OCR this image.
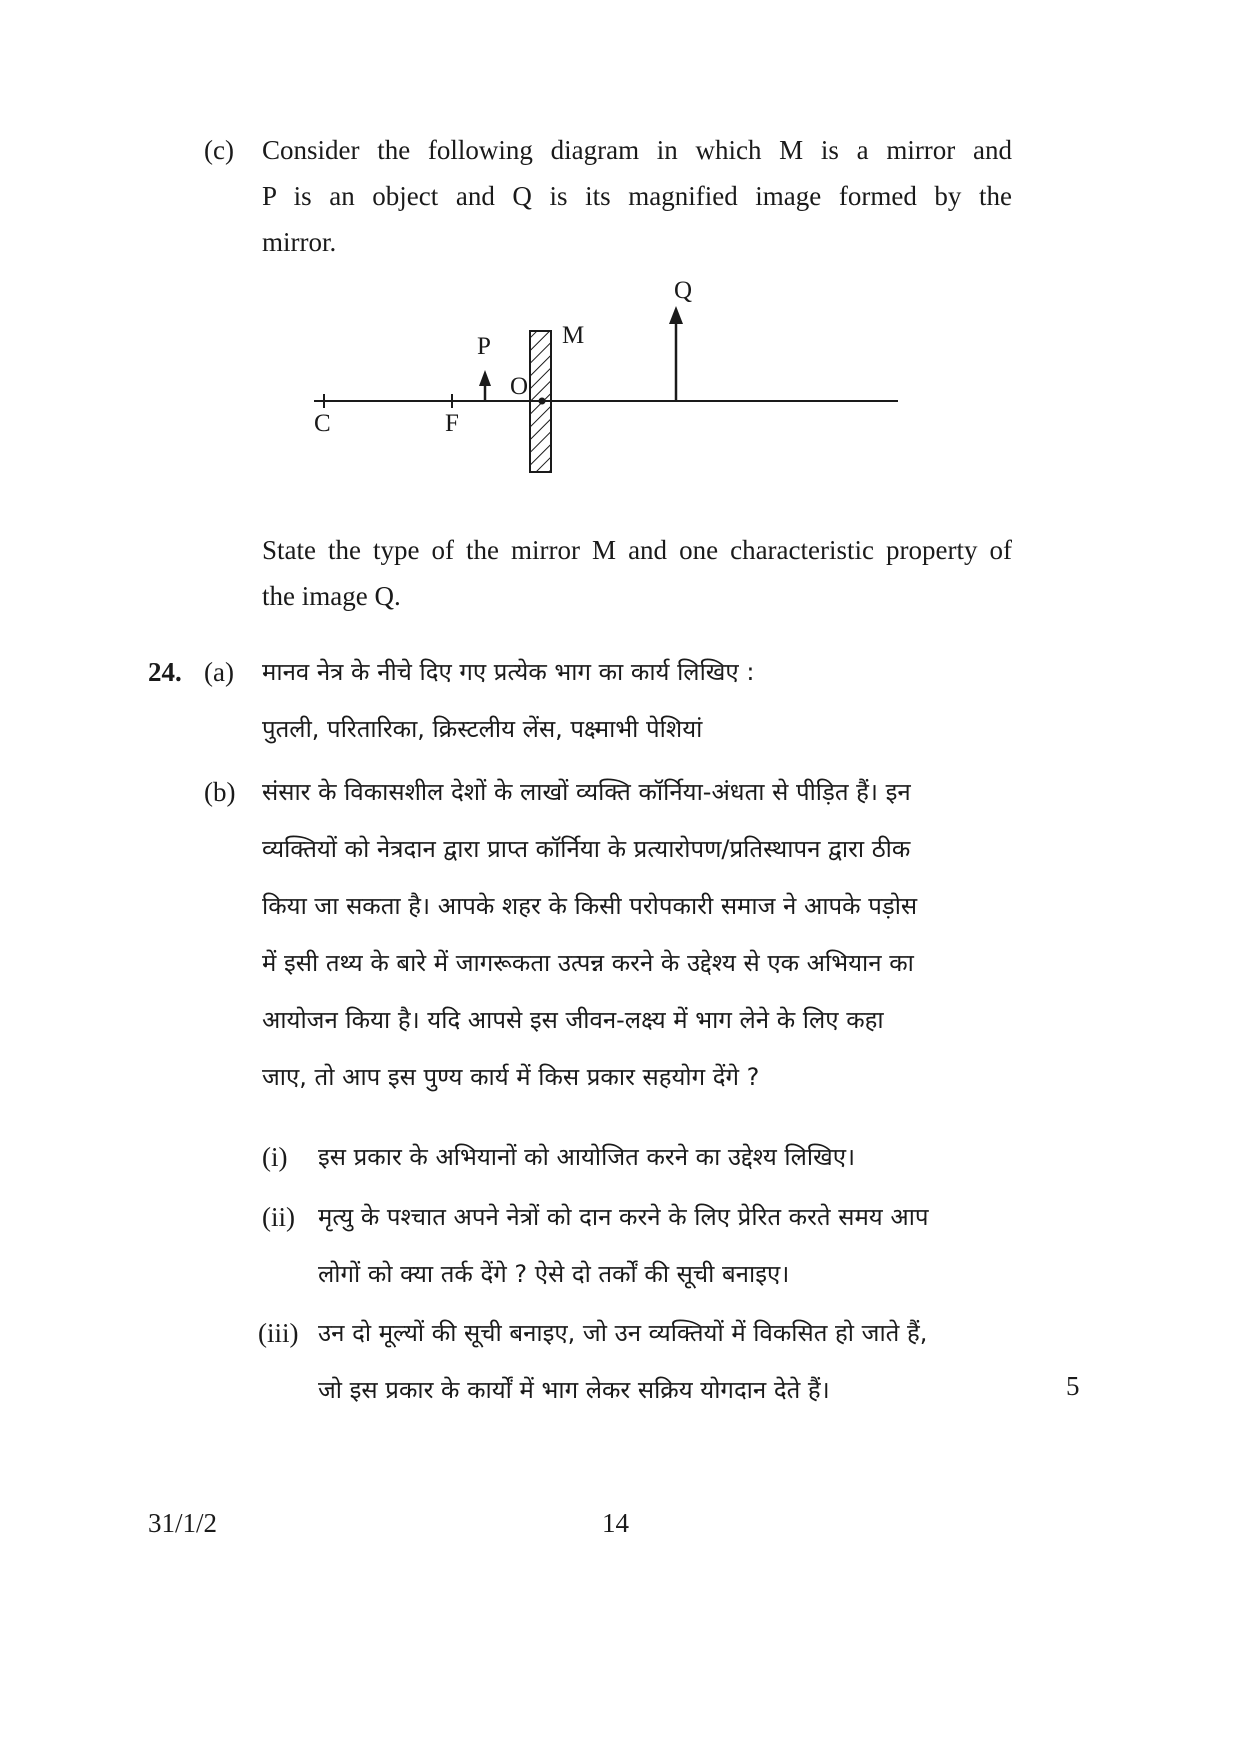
(c) Consider the following diagram in which M is a mirror and
P is an object and Q is its magnified image formed by the
mirror.
C	F
P
O
M
Q
State the type of the mirror M and one characteristic property of
the image Q.
24. (a) मानव नेत्र के नीचे दिए गए प्रत्येक भाग का कार्य लिखिए :
पुतली, परितारिका, क्रिस्टलीय लेंस, पक्ष्माभी पेशियां
(b) संसार के विकासशील देशों के लाखों व्यक्ति कॉर्निया-अंधता से पीड़ित हैं। इन
व्यक्तियों को नेत्रदान द्वारा प्राप्त कॉर्निया के प्रत्यारोपण/प्रतिस्थापन द्वारा ठीक
किया जा सकता है। आपके शहर के किसी परोपकारी समाज ने आपके पड़ोस
में इसी तथ्य के बारे में जागरूकता उत्पन्न करने के उद्देश्य से एक अभियान का
आयोजन किया है। यदि आपसे इस जीवन-लक्ष्य में भाग लेने के लिए कहा
जाए, तो आप इस पुण्य कार्य में किस प्रकार सहयोग देंगे ?
(i) इस प्रकार के अभियानों को आयोजित करने का उद्देश्य लिखिए।
(ii) मृत्यु के पश्चात अपने नेत्रों को दान करने के लिए प्रेरित करते समय आप
लोगों को क्या तर्क देंगे ? ऐसे दो तर्कों की सूची बनाइए।
(iii) उन दो मूल्यों की सूची बनाइए, जो उन व्यक्तियों में विकसित हो जाते हैं,
जो इस प्रकार के कार्यों में भाग लेकर सक्रिय योगदान देते हैं।	5
31/1/2	14
